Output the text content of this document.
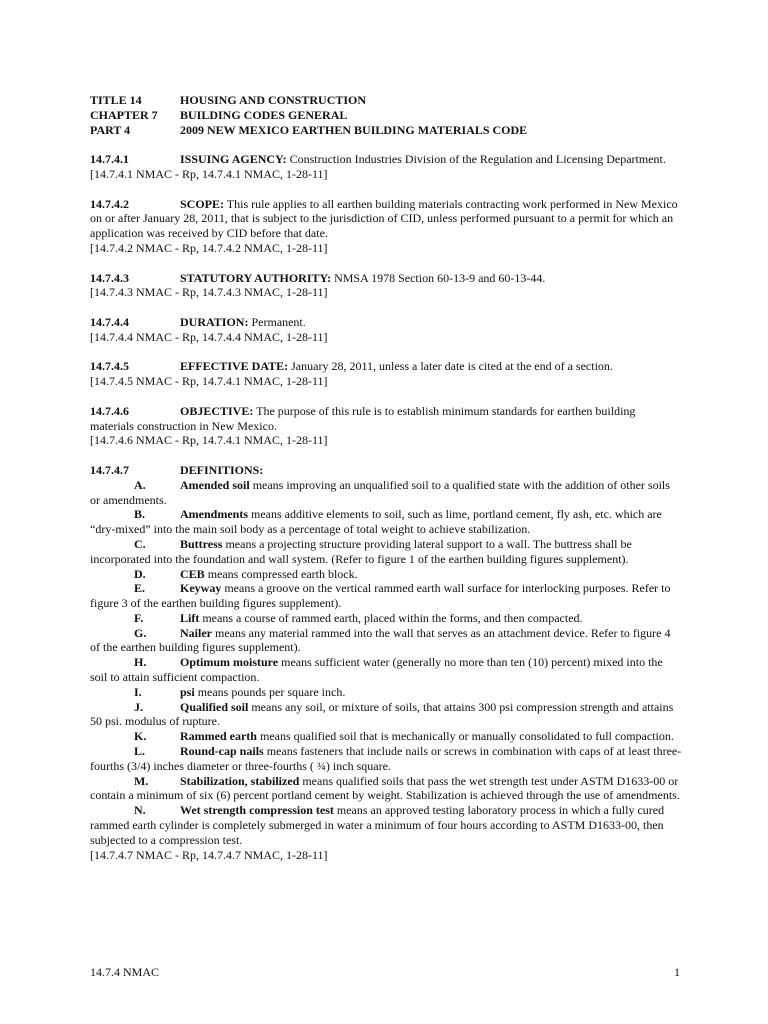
TITLE 14	HOUSING AND CONSTRUCTION
CHAPTER 7	BUILDING CODES GENERAL
PART 4	2009 NEW MEXICO EARTHEN BUILDING MATERIALS CODE
14.7.4.1	ISSUING AGENCY: Construction Industries Division of the Regulation and Licensing Department.
[14.7.4.1 NMAC - Rp, 14.7.4.1 NMAC, 1-28-11]
14.7.4.2	SCOPE: This rule applies to all earthen building materials contracting work performed in New Mexico on or after January 28, 2011, that is subject to the jurisdiction of CID, unless performed pursuant to a permit for which an application was received by CID before that date.
[14.7.4.2 NMAC - Rp, 14.7.4.2 NMAC, 1-28-11]
14.7.4.3	STATUTORY AUTHORITY: NMSA 1978 Section 60-13-9 and 60-13-44.
[14.7.4.3 NMAC - Rp, 14.7.4.3 NMAC, 1-28-11]
14.7.4.4	DURATION: Permanent.
[14.7.4.4 NMAC - Rp, 14.7.4.4 NMAC, 1-28-11]
14.7.4.5	EFFECTIVE DATE: January 28, 2011, unless a later date is cited at the end of a section.
[14.7.4.5 NMAC - Rp, 14.7.4.1 NMAC, 1-28-11]
14.7.4.6	OBJECTIVE: The purpose of this rule is to establish minimum standards for earthen building materials construction in New Mexico.
[14.7.4.6 NMAC - Rp, 14.7.4.1 NMAC, 1-28-11]
14.7.4.7	DEFINITIONS:
A.	Amended soil means improving an unqualified soil to a qualified state with the addition of other soils or amendments.
B.	Amendments means additive elements to soil, such as lime, portland cement, fly ash, etc. which are “dry-mixed” into the main soil body as a percentage of total weight to achieve stabilization.
C.	Buttress means a projecting structure providing lateral support to a wall. The buttress shall be incorporated into the foundation and wall system. (Refer to figure 1 of the earthen building figures supplement).
D.	CEB means compressed earth block.
E.	Keyway means a groove on the vertical rammed earth wall surface for interlocking purposes. Refer to figure 3 of the earthen building figures supplement).
F.	Lift means a course of rammed earth, placed within the forms, and then compacted.
G.	Nailer means any material rammed into the wall that serves as an attachment device. Refer to figure 4 of the earthen building figures supplement).
H.	Optimum moisture means sufficient water (generally no more than ten (10) percent) mixed into the soil to attain sufficient compaction.
I.	psi means pounds per square inch.
J.	Qualified soil means any soil, or mixture of soils, that attains 300 psi compression strength and attains 50 psi. modulus of rupture.
K.	Rammed earth means qualified soil that is mechanically or manually consolidated to full compaction.
L.	Round-cap nails means fasteners that include nails or screws in combination with caps of at least three-fourths (3/4) inches diameter or three-fourths ( ¾) inch square.
M.	Stabilization, stabilized means qualified soils that pass the wet strength test under ASTM D1633-00 or contain a minimum of six (6) percent portland cement by weight. Stabilization is achieved through the use of amendments.
N.	Wet strength compression test means an approved testing laboratory process in which a fully cured rammed earth cylinder is completely submerged in water a minimum of four hours according to ASTM D1633-00, then subjected to a compression test.
[14.7.4.7 NMAC - Rp, 14.7.4.7 NMAC, 1-28-11]
14.7.4 NMAC	1
